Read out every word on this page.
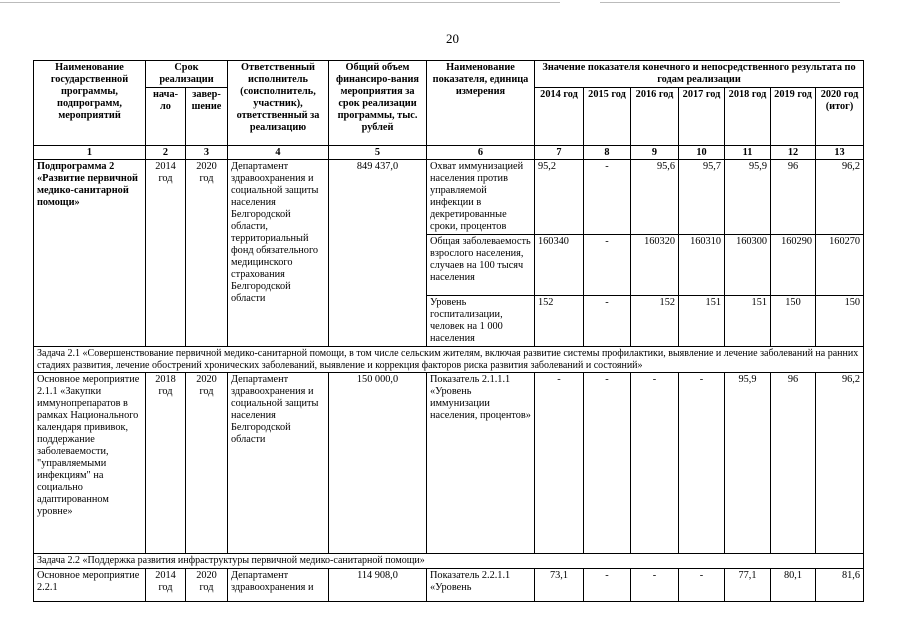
20
Наименование государственной программы, подпрограмм, мероприятий	Срок реализации		Ответственный исполнитель (соисполнитель, участник), ответственный за реализацию	Общий объем финансиро-вания мероприятия за срок реализации программы, тыс. рублей	Наименование показателя, единица измерения	Значение показателя конечного и непосредственного результата по годам реализации						
	нача-ло	завер-шение				2014 год	2015 год	2016 год	2017 год	2018 год	2019 год	2020 год (итог)
1	2	3	4	5	6	7	8	9	10	11	12	13
Подпрограмма 2 «Развитие первичной медико-санитарной помощи»	2014 год	2020 год	Департамент здравоохранения и социальной защиты населения Белгородской области, территориальный фонд обязательного медицинского страхования Белгородской области	849 437,0	Охват иммунизацией населения против управляемой инфекции в декретированные сроки, процентов	95,2	-	95,6	95,7	95,9	96	96,2
					Общая заболеваемость взрослого населения, случаев на 100 тысяч населения	160340	-	160320	160310	160300	160290	160270
					Уровень госпитализации, человек на 1 000 населения	152	-	152	151	151	150	150
Задача 2.1 «Совершенствование первичной медико-санитарной помощи, в том числе сельским жителям, включая развитие системы профилактики, выявление и лечение заболеваний на ранних стадиях развития, лечение обострений хронических заболеваний, выявление и коррекция факторов риска развития заболеваний и состояний»												
Основное мероприятие 2.1.1 «Закупки иммунопрепаратов в рамках Национального календаря прививок, поддержание заболеваемости, "управляемыми инфекциям" на социально адаптированном уровне»	2018 год	2020 год	Департамент здравоохранения и социальной защиты населения Белгородской области	150 000,0	Показатель 2.1.1.1 «Уровень иммунизации населения, процентов»	-	-	-	-	95,9	96	96,2
Задача 2.2 «Поддержка развития инфраструктуры первичной медико-санитарной помощи»												
Основное мероприятие 2.2.1	2014 год	2020 год	Департамент здравоохранения и	114 908,0	Показатель 2.2.1.1 «Уровень	73,1	-	-	-	77,1	80,1	81,6
